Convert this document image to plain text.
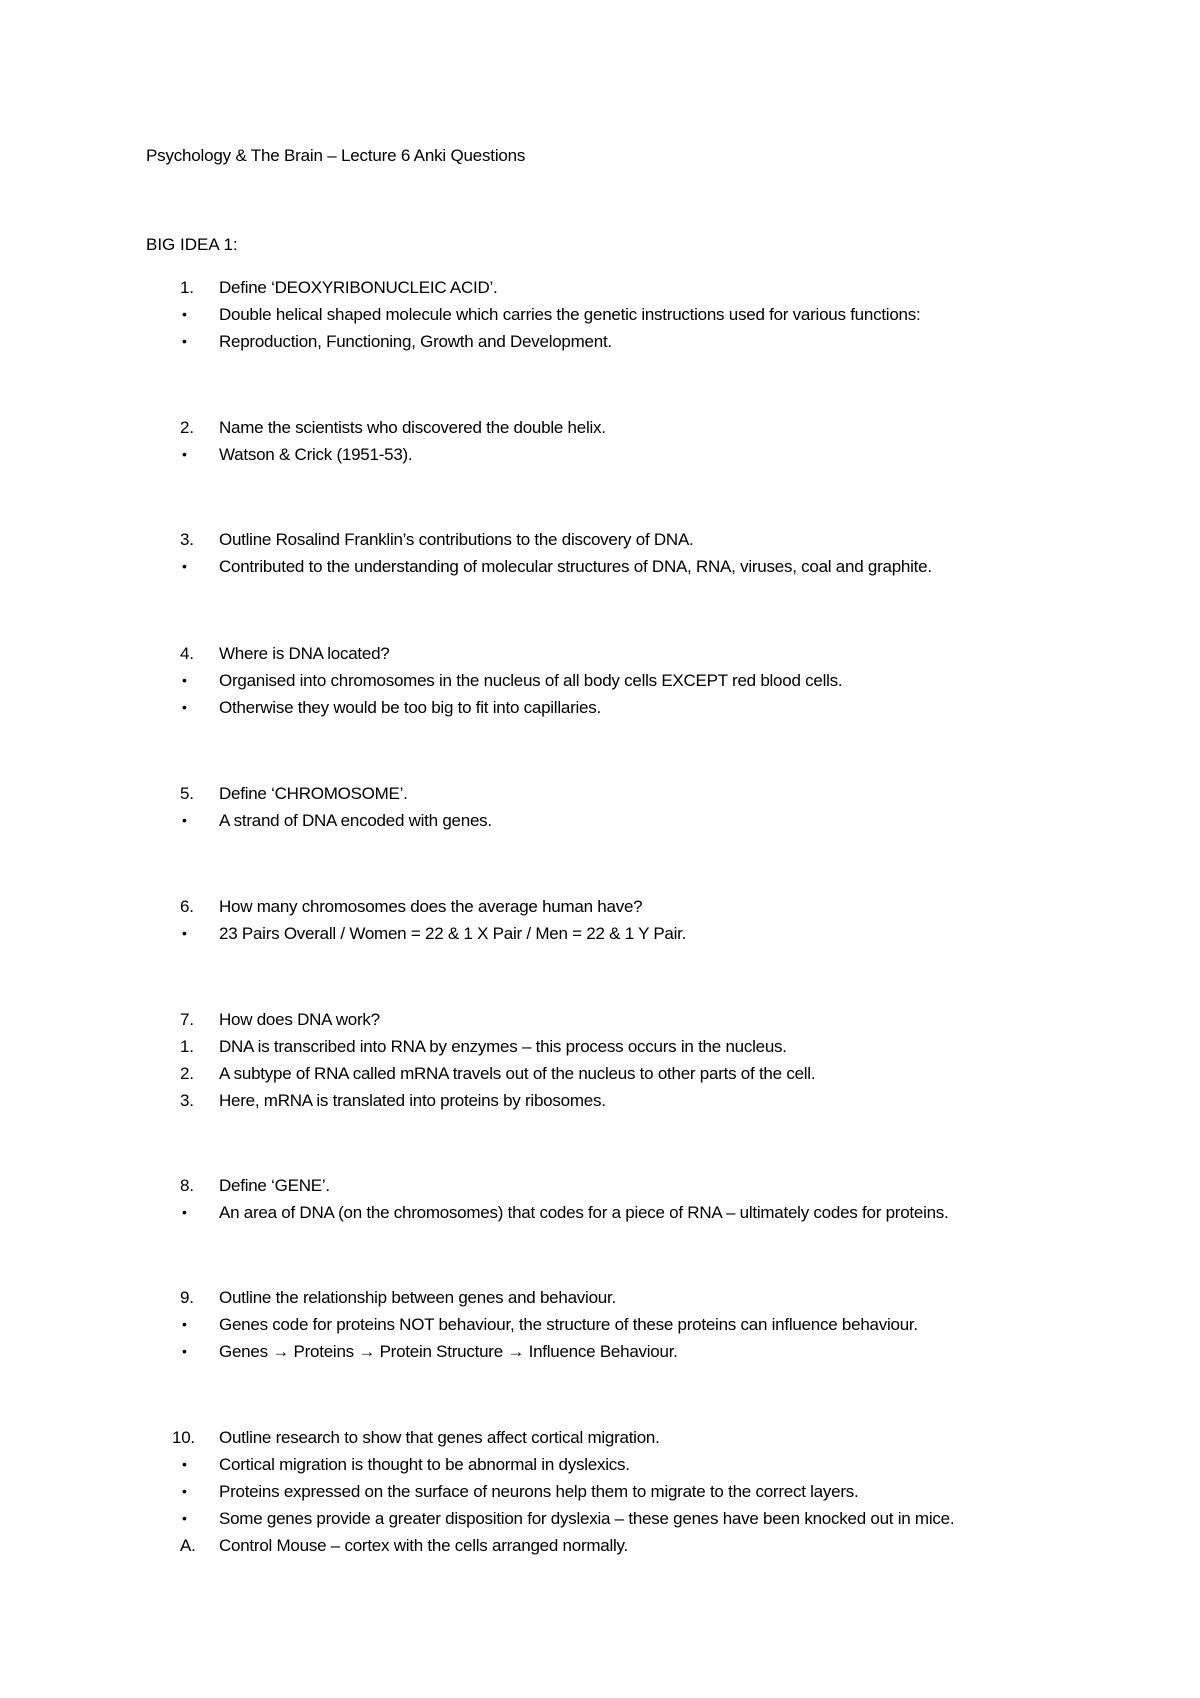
Psychology & The Brain – Lecture 6 Anki Questions
BIG IDEA 1:
1.	Define ‘DEOXYRIBONUCLEIC ACID’.
•	Double helical shaped molecule which carries the genetic instructions used for various functions:
•	Reproduction, Functioning, Growth and Development.
2.	Name the scientists who discovered the double helix.
•	Watson & Crick (1951-53).
3.	Outline Rosalind Franklin’s contributions to the discovery of DNA.
•	Contributed to the understanding of molecular structures of DNA, RNA, viruses, coal and graphite.
4.	Where is DNA located?
•	Organised into chromosomes in the nucleus of all body cells EXCEPT red blood cells.
•	Otherwise they would be too big to fit into capillaries.
5.	Define ‘CHROMOSOME’.
•	A strand of DNA encoded with genes.
6.	How many chromosomes does the average human have?
•	23 Pairs Overall / Women = 22 & 1 X Pair / Men = 22 & 1 Y Pair.
7.	How does DNA work?
1.	DNA is transcribed into RNA by enzymes – this process occurs in the nucleus.
2.	A subtype of RNA called mRNA travels out of the nucleus to other parts of the cell.
3.	Here, mRNA is translated into proteins by ribosomes.
8.	Define ‘GENE’.
•	An area of DNA (on the chromosomes) that codes for a piece of RNA – ultimately codes for proteins.
9.	Outline the relationship between genes and behaviour.
•	Genes code for proteins NOT behaviour, the structure of these proteins can influence behaviour.
•	Genes → Proteins → Protein Structure → Influence Behaviour.
10.	Outline research to show that genes affect cortical migration.
•	Cortical migration is thought to be abnormal in dyslexics.
•	Proteins expressed on the surface of neurons help them to migrate to the correct layers.
•	Some genes provide a greater disposition for dyslexia – these genes have been knocked out in mice.
A.	Control Mouse – cortex with the cells arranged normally.
